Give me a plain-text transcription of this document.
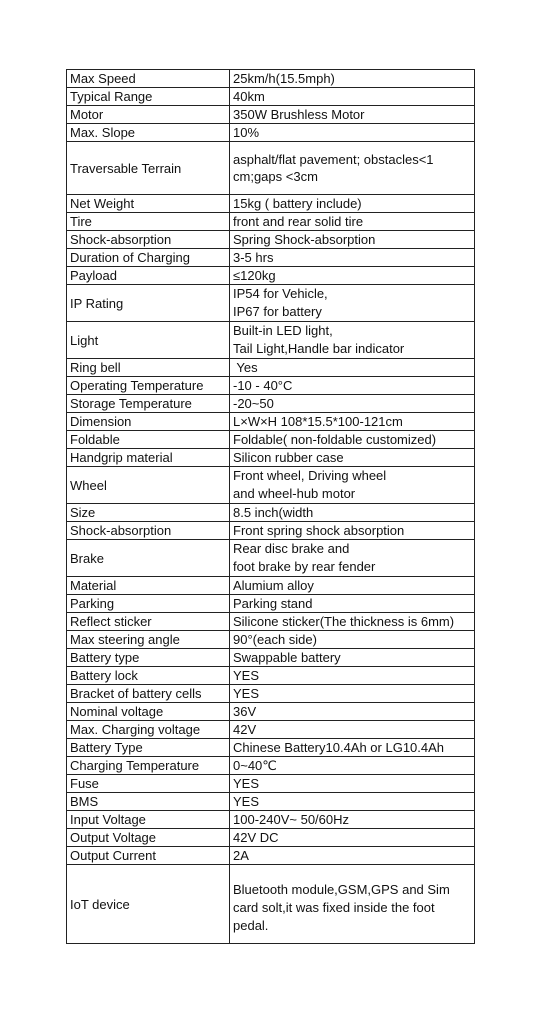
Max Speed	25km/h(15.5mph)
Typical Range	40km
Motor	350W Brushless Motor
Max. Slope	10%
Traversable Terrain	asphalt/flat pavement; obstacles<1 cm;gaps <3cm
Net Weight	15kg ( battery include)
Tire	front and rear solid tire
Shock-absorption	Spring Shock-absorption
Duration of Charging	3-5 hrs
Payload	≤120kg
IP Rating	IP54 for Vehicle,
IP67 for battery

Light	Built-in LED light,
Tail Light,Handle bar indicator

Ring bell	Yes
Operating Temperature	-10 - 40°C
Storage Temperature	-20~50
Dimension	L×W×H 108*15.5*100-121cm
Foldable	Foldable( non-foldable customized)
Handgrip material	Silicon rubber case
Wheel	Front wheel, Driving wheel
and wheel-hub motor

Size	8.5 inch(width
Shock-absorption	Front spring shock absorption
Brake	Rear disc brake and
foot brake by rear fender

Material	Alumium alloy
Parking	Parking stand
Reflect sticker	Silicone sticker(The thickness is 6mm)
Max steering angle	90°(each side)
Battery type	Swappable battery
Battery lock	YES
Bracket of battery cells	YES
Nominal voltage	36V
Max. Charging voltage	42V
Battery Type	Chinese Battery10.4Ah or LG10.4Ah
Charging Temperature	0~40℃
Fuse	YES
BMS	YES
Input Voltage	100-240V~ 50/60Hz
Output Voltage	42V DC
Output Current	2A
IoT device	Bluetooth module,GSM,GPS and Sim
card solt,it was fixed inside the foot
pedal.
